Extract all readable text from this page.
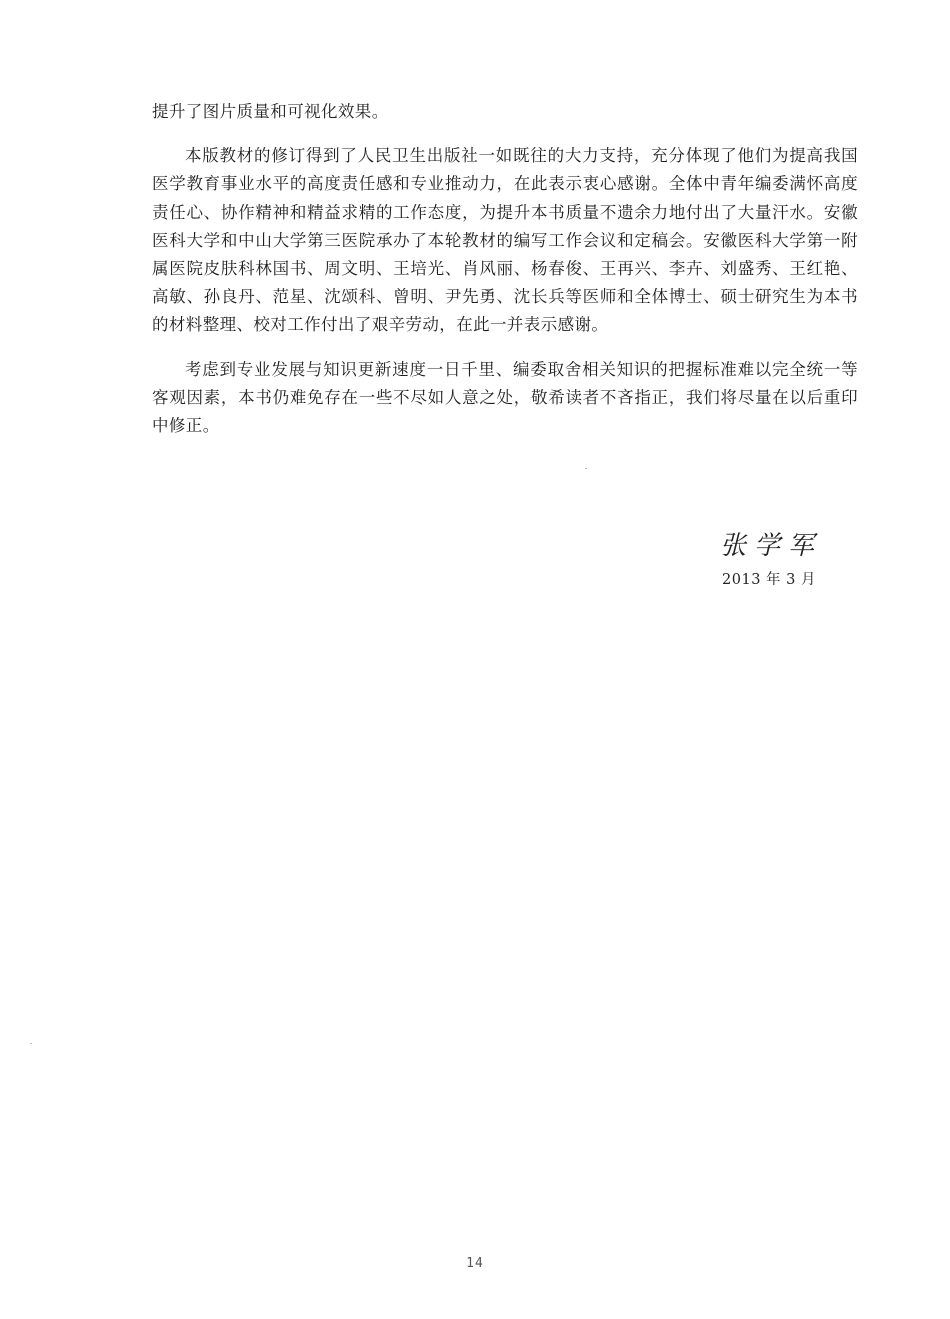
提升了图片质量和可视化效果。

本版教材的修订得到了人民卫生出版社一如既往的大力支持，充分体现了他们为提高我国医学教育事业水平的高度责任感和专业推动力，在此表示衷心感谢。全体中青年编委满怀高度责任心、协作精神和精益求精的工作态度，为提升本书质量不遗余力地付出了大量汗水。安徽医科大学和中山大学第三医院承办了本轮教材的编写工作会议和定稿会。安徽医科大学第一附属医院皮肤科林国书、周文明、王培光、肖风丽、杨春俊、王再兴、李卉、刘盛秀、王红艳、高敏、孙良丹、范星、沈颂科、曾明、尹先勇、沈长兵等医师和全体博士、硕士研究生为本书的材料整理、校对工作付出了艰辛劳动，在此一并表示感谢。

考虑到专业发展与知识更新速度一日千里、编委取舍相关知识的把握标准难以完全统一等客观因素，本书仍难免存在一些不尽如人意之处，敬希读者不吝指正，我们将尽量在以后重印中修正。

张学军
2013 年 3 月
14
